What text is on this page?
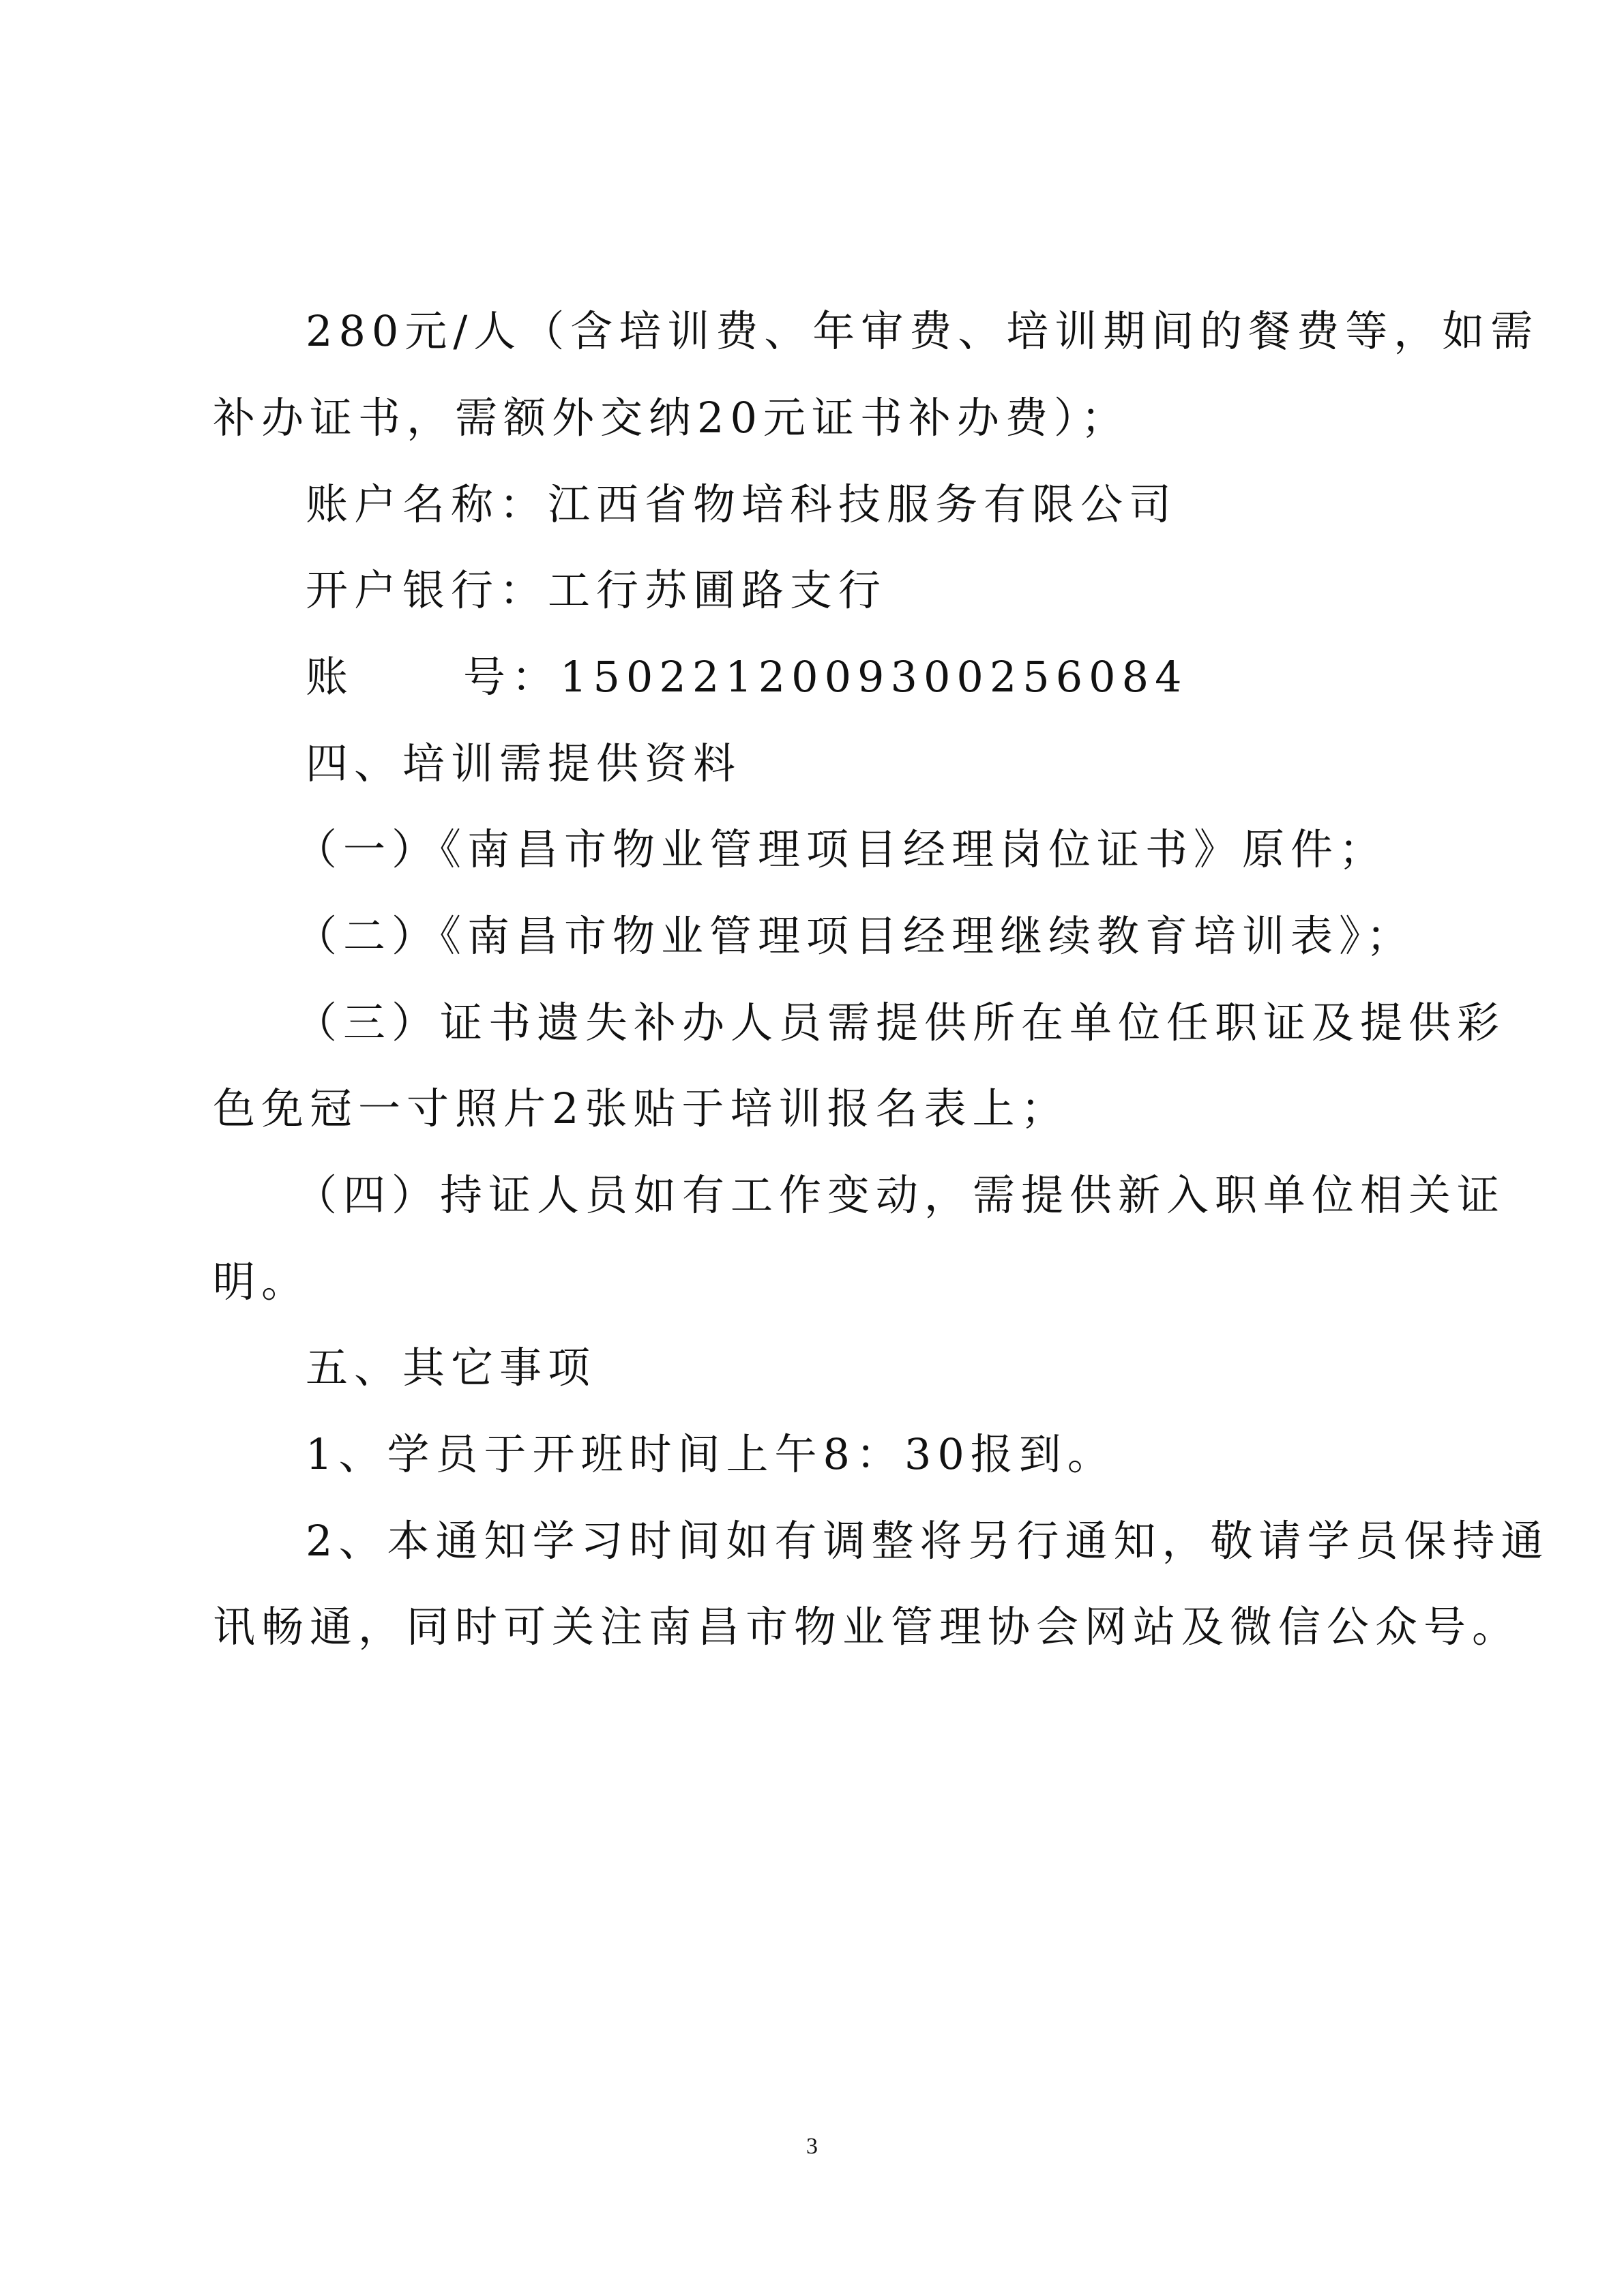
280元/人（含培训费、年审费、培训期间的餐费等，如需
补办证书，需额外交纳20元证书补办费）；
账户名称：江西省物培科技服务有限公司
开户银行：工行苏圃路支行
账	号：1502212009300256084
四、培训需提供资料
（一）《南昌市物业管理项目经理岗位证书》原件；
（二）《南昌市物业管理项目经理继续教育培训表》；
（三）证书遗失补办人员需提供所在单位任职证及提供彩
色免冠一寸照片2张贴于培训报名表上；
（四）持证人员如有工作变动，需提供新入职单位相关证
明。
五、其它事项
1、学员于开班时间上午8：30报到。
2、本通知学习时间如有调整将另行通知，敬请学员保持通
讯畅通，同时可关注南昌市物业管理协会网站及微信公众号。
3
